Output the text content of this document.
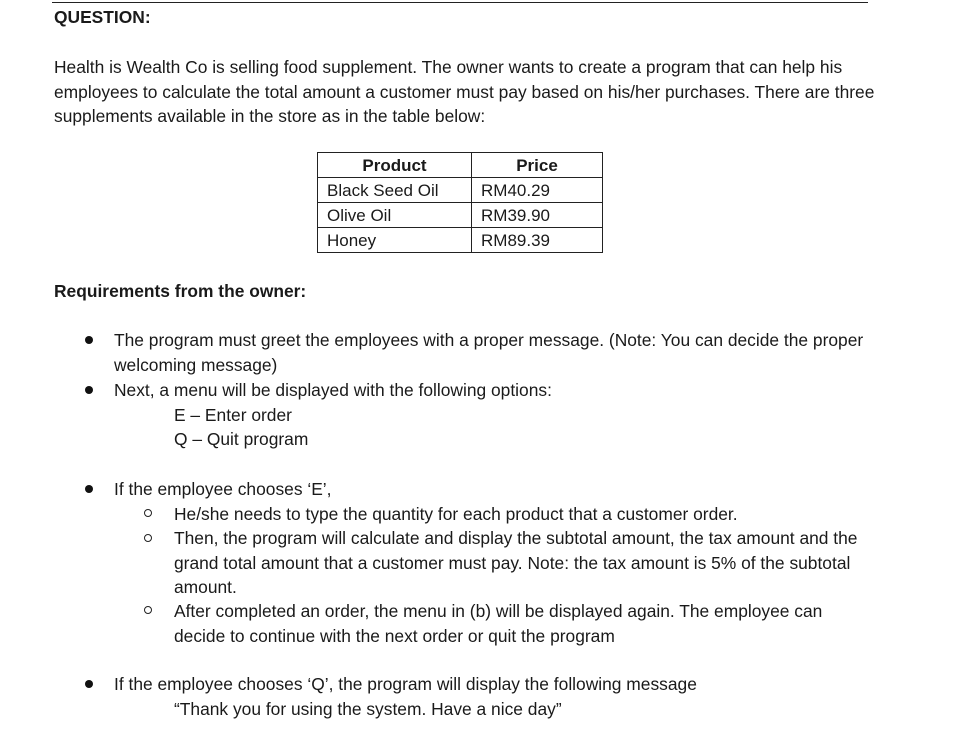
QUESTION:
Health is Wealth Co is selling food supplement. The owner wants to create a program that can help his employees to calculate the total amount a customer must pay based on his/her purchases. There are three supplements available in the store as in the table below:
Product	Price
Black Seed Oil	RM40.29
Olive Oil	RM39.90
Honey	RM89.39
Requirements from the owner:
The program must greet the employees with a proper message. (Note: You can decide the proper welcoming message)
Next, a menu will be displayed with the following options:
E – Enter order
Q – Quit program
If the employee chooses ‘E’,
He/she needs to type the quantity for each product that a customer order.
Then, the program will calculate and display the subtotal amount, the tax amount and the grand total amount that a customer must pay. Note: the tax amount is 5% of the subtotal amount.
After completed an order, the menu in (b) will be displayed again. The employee can decide to continue with the next order or quit the program
If the employee chooses ‘Q’, the program will display the following message
“Thank you for using the system. Have a nice day”
